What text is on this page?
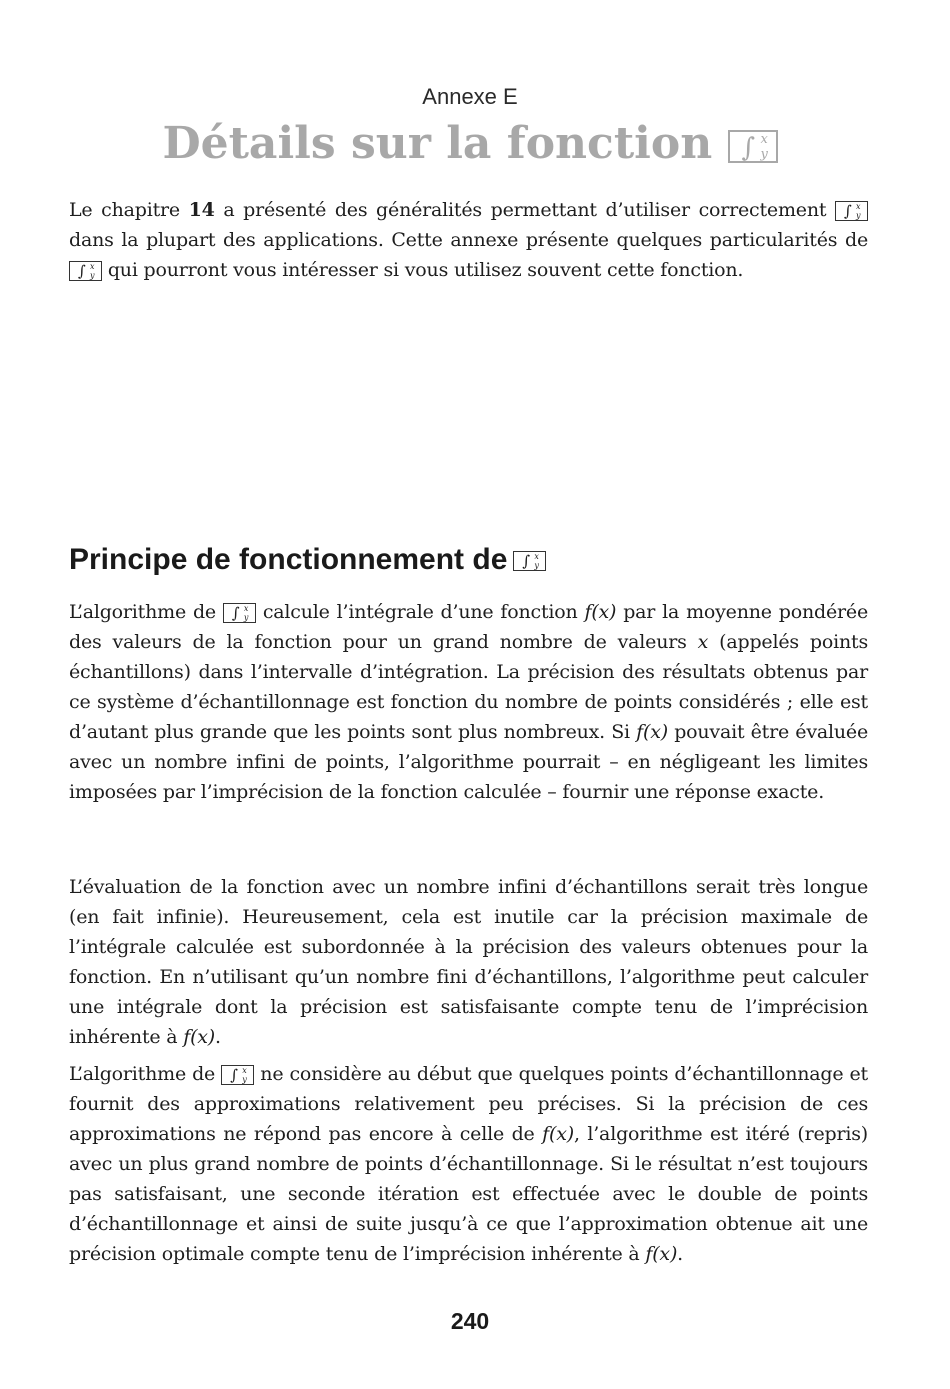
Annexe E
Détails sur la fonction ∫ x
y

Le chapitre 14 a présenté des généralités permettant d’utiliser correctement ∫ x
y
dans la plupart des applications. Cette annexe présente quelques particularités de
∫ x
y qui pourront vous intéresser si vous utilisez souvent cette fonction.

Principe de fonctionnement de ∫ x
y

L’algorithme de ∫ x
y calcule l’intégrale d’une fonction f(x) par la moyenne pondérée des valeurs de la fonction pour un grand nombre de valeurs x (appelés points échantillons) dans l’intervalle d’intégration. La précision des résultats obtenus par ce système d’échantillonnage est fonction du nombre de points considérés ; elle est d’autant plus grande que les points sont plus nombreux. Si f(x) pouvait être évaluée avec un nombre infini de points, l’algorithme pourrait – en négligeant les limites imposées par l’imprécision de la fonction calculée – fournir une réponse exacte.

L’évaluation de la fonction avec un nombre infini d’échantillons serait très longue (en fait infinie). Heureusement, cela est inutile car la précision maximale de l’intégrale calculée est subordonnée à la précision des valeurs obtenues pour la fonction. En n’utilisant qu’un nombre fini d’échantillons, l’algorithme peut calculer une intégrale dont la précision est satisfaisante compte tenu de l’imprécision inhérente à f(x).

L’algorithme de ∫ x
y ne considère au début que quelques points d’échantillonnage et fournit des approximations relativement peu précises. Si la précision de ces approximations ne répond pas encore à celle de f(x), l’algorithme est itéré (repris) avec un plus grand nombre de points d’échantillonnage. Si le résultat n’est toujours pas satisfaisant, une seconde itération est effectuée avec le double de points d’échantillonnage et ainsi de suite jusqu’à ce que l’approximation obtenue ait une précision optimale compte tenu de l’imprécision inhérente à f(x).

240
